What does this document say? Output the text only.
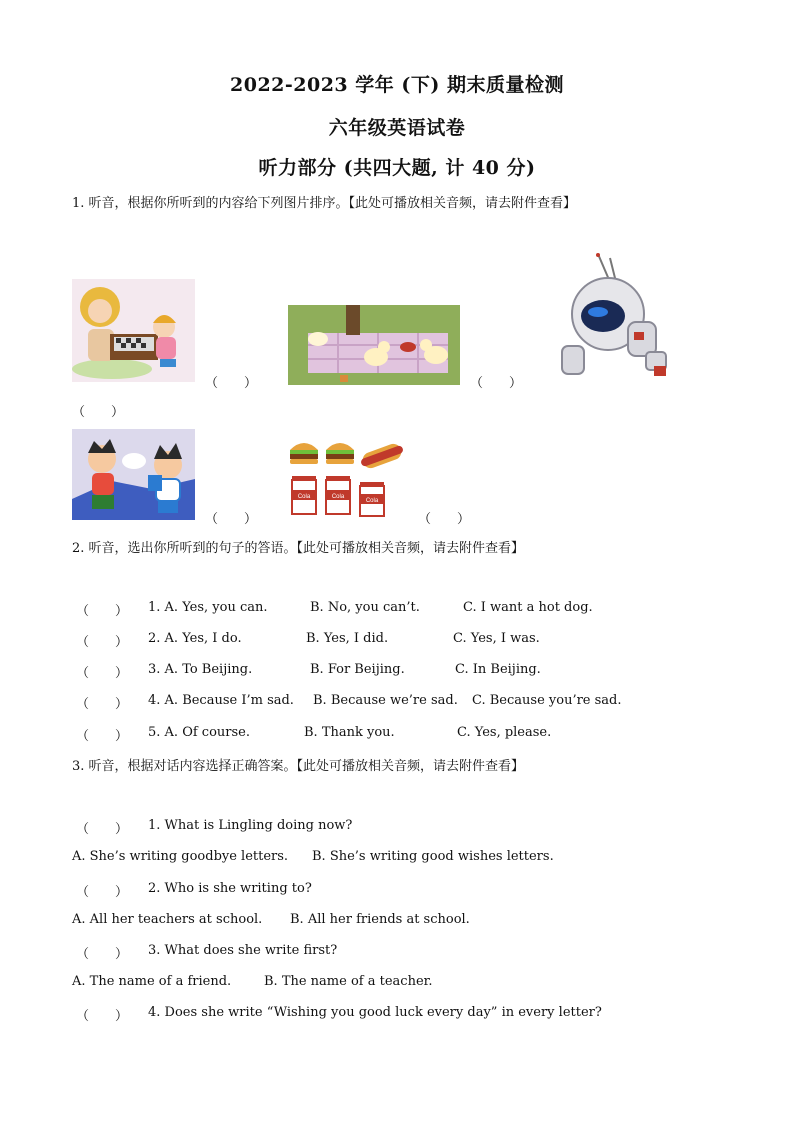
2022-2023 学年 (下) 期末质量检测
六年级英语试卷
听力部分 (共四大题, 计 40 分)
1. 听音，根据你所听到的内容给下列图片排序。【此处可播放相关音频，请去附件查看】
（　　）	（　　）
（　　）
（　　）
Cola	Cola
Cola
（　　）
2. 听音，选出你所听到的句子的答语。【此处可播放相关音频，请去附件查看】
（　　） 1. A. Yes, you can.	B. No, you can’t.	C. I want a hot dog.
（　　） 2. A. Yes, I do.	B. Yes, I did.	C. Yes, I was.
（　　） 3. A. To Beijing.	B. For Beijing.	C. In Beijing.
（　　） 4. A. Because I’m sad. B. Because we’re sad. C. Because you’re sad.
（　　） 5. A. Of course.	B. Thank you.	C. Yes, please.
3. 听音，根据对话内容选择正确答案。【此处可播放相关音频，请去附件查看】
（　　） 1. What is Lingling doing now?
A. She’s writing goodbye letters. B. She’s writing good wishes letters.
（　　） 2. Who is she writing to?
A. All her teachers at school. B. All her friends at school.
（　　） 3. What does she write first?
A. The name of a friend.	B. The name of a teacher.
（　　） 4. Does she write “Wishing you good luck every day” in every letter?
